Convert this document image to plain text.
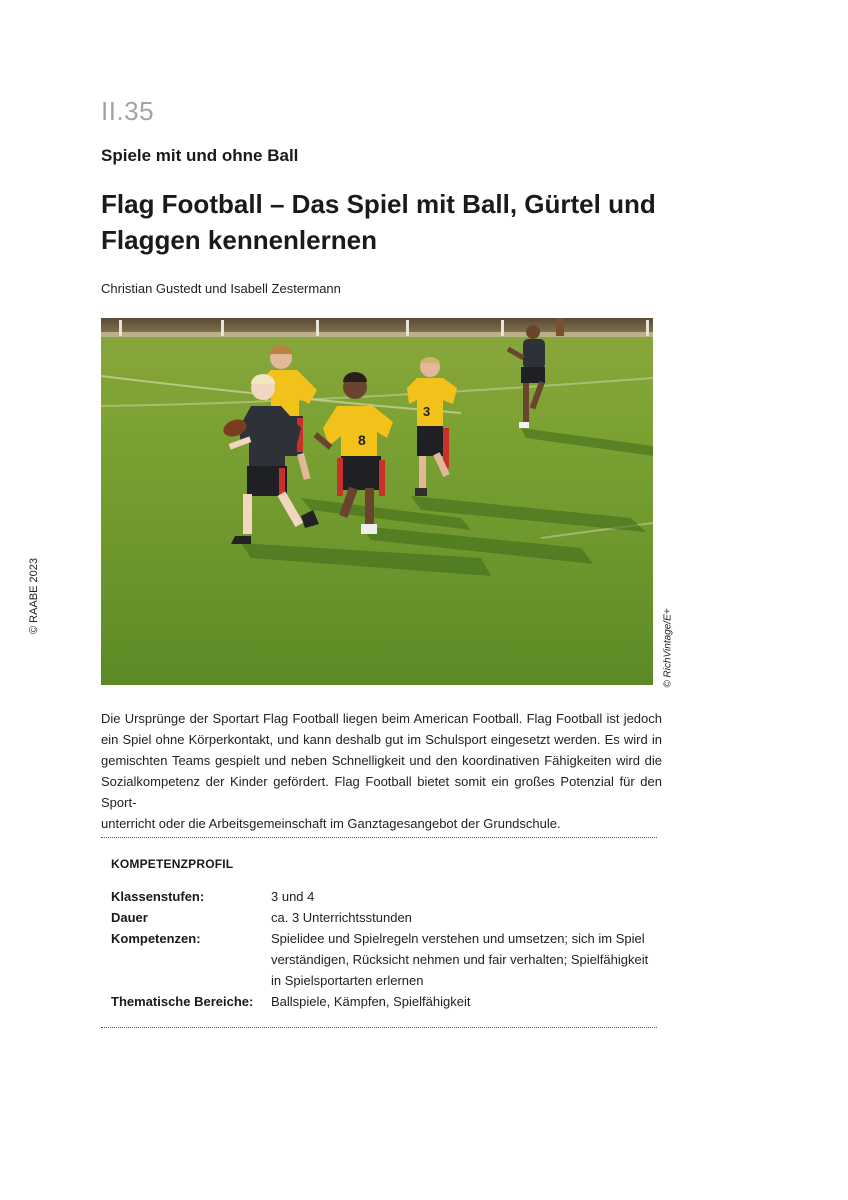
© RAABE 2023
II.35
Spiele mit und ohne Ball
Flag Football – Das Spiel mit Ball, Gürtel und
Flaggen kennenlernen
Christian Gustedt und Isabell Zestermann
3
8
© RichVintage/E+

Die Ursprünge der Sportart Flag Football liegen beim American Football. Flag Football ist jedoch
ein Spiel ohne Körperkontakt, und kann deshalb gut im Schulsport eingesetzt werden. Es wird in
gemischten Teams gespielt und neben Schnelligkeit und den koordinativen Fähigkeiten wird die
Sozialkompetenz der Kinder gefördert. Flag Football bietet somit ein großes Potenzial für den Sport-
unterricht oder die Arbeitsgemeinschaft im Ganztagesangebot der Grundschule.

KOMPETENZPROFIL
Klassenstufen:	3 und 4
Dauer	ca. 3 Unterrichtsstunden
Kompetenzen:	Spielidee und Spielregeln verstehen und umsetzen; sich im Spiel
verständigen, Rücksicht nehmen und fair verhalten; Spielfähigkeit
in Spielsportarten erlernen
Thematische Bereiche:	Ballspiele, Kämpfen, Spielfähigkeit
